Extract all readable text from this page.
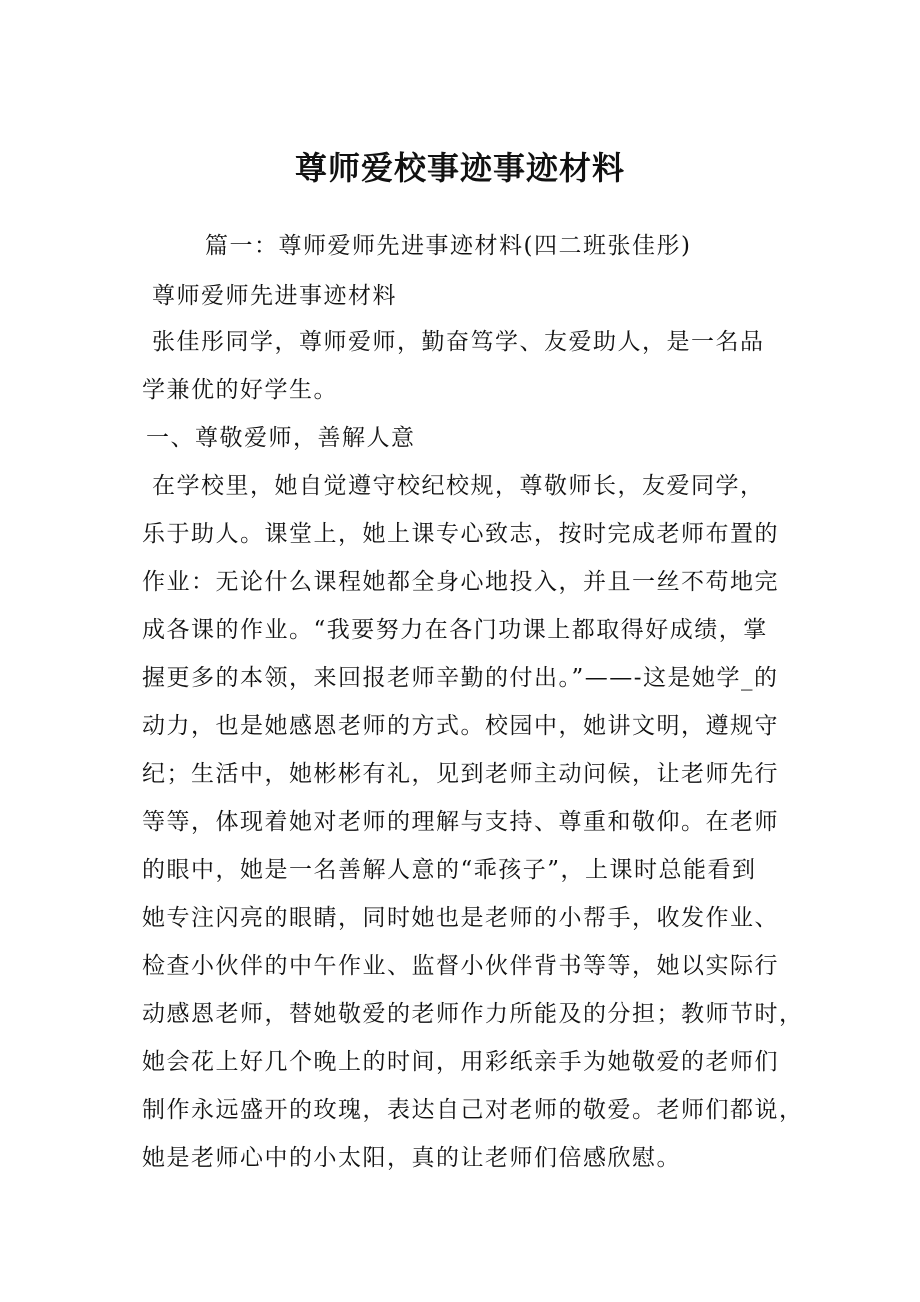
尊师爱校事迹事迹材料

篇一：尊师爱师先进事迹材料(四二班张佳彤)

尊师爱师先进事迹材料

张佳彤同学，尊师爱师，勤奋笃学、友爱助人，是一名品

学兼优的好学生。

一、尊敬爱师，善解人意

在学校里，她自觉遵守校纪校规，尊敬师长，友爱同学，

乐于助人。课堂上，她上课专心致志，按时完成老师布置的

作业：无论什么课程她都全身心地投入，并且一丝不苟地完

成各课的作业。“我要努力在各门功课上都取得好成绩，掌

握更多的本领，来回报老师辛勤的付出。”——-这是她学_的

动力，也是她感恩老师的方式。校园中，她讲文明，遵规守

纪；生活中，她彬彬有礼，见到老师主动问候，让老师先行

等等，体现着她对老师的理解与支持、尊重和敬仰。在老师

的眼中，她是一名善解人意的“乖孩子”，上课时总能看到

她专注闪亮的眼睛，同时她也是老师的小帮手，收发作业、

检查小伙伴的中午作业、监督小伙伴背书等等，她以实际行

动感恩老师，替她敬爱的老师作力所能及的分担；教师节时，

她会花上好几个晚上的时间，用彩纸亲手为她敬爱的老师们

制作永远盛开的玫瑰，表达自己对老师的敬爱。老师们都说，

她是老师心中的小太阳，真的让老师们倍感欣慰。
